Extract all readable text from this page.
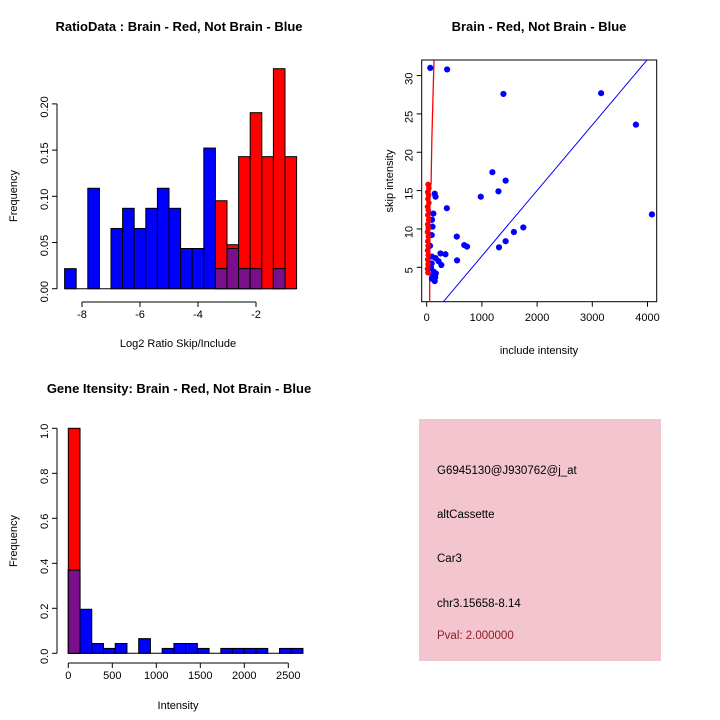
0.00
0.05
0.10
0.15
0.20
-8	-6	-4	-2
RatioData : Brain - Red, Not Brain - Blue
Frequency
Log2 Ratio Skip/Include
5
10
15
20
25
30
0	1000	2000	3000	4000
Brain - Red, Not Brain - Blue
skip intensity
include intensity
0.0
0.2
0.4
0.6
0.8
1.0
0	500 1000 1500 2000 2500
Gene Itensity: Brain - Red, Not Brain - Blue
Frequency
Intensity
G6945130@J930762@j_at
altCassette
Car3
chr3.15658-8.14
Pval: 2.000000
